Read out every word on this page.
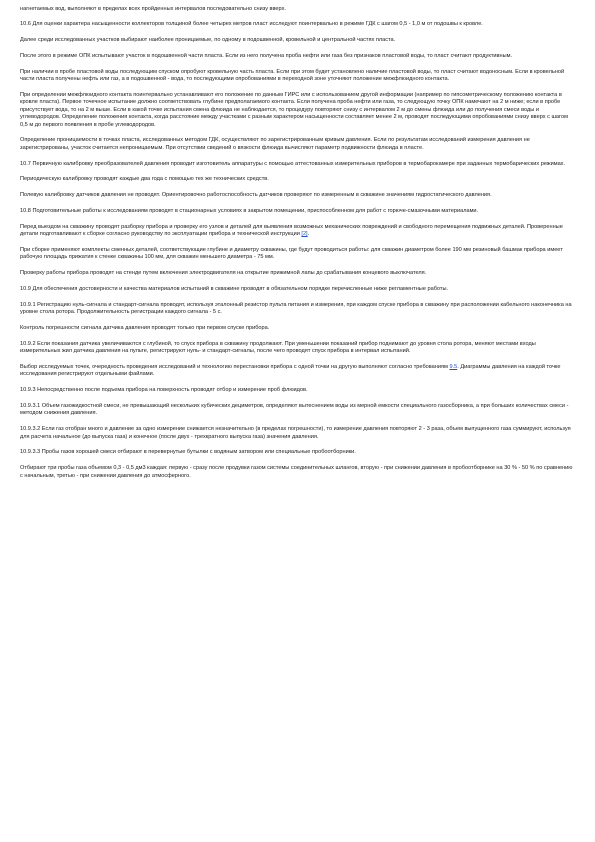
нагнетаемых вод, выполняют в пределах всех пройденных интервалов последовательно снизу вверх.

10.6 Для оценки характера насыщенности коллекторов толщиной более четырех метров пласт исследуют поинтервально в режиме ГДК с шагом 0,5 - 1,0 м от подошвы к кровле.

Далее среди исследованных участков выбирают наиболее проницаемые, по одному в подошвенной, кровельной и центральной частях пласта.

После этого в режиме ОПК испытывают участок в подошвенной части пласта. Если из него получена проба нефти или газа без признаков пластовой воды, то пласт считают продуктивным.

При наличии в пробе пластовой воды последующим спуском опробуют кровельную часть пласта. Если при этом будет установлено наличие пластовой воды, то пласт считают водоносным. Если в кровельной части пласта получены нефть или газ, а в подошвенной - вода, то последующими опробованиями в переходной зоне уточняют положение межфлюидного контакта.

При определении межфлюидного контакта поинтервально устанавливают его положение по данным ГИРС или с использованием другой информации (например по гипсометрическому положению контакта в кровле пласта). Первое точечное испытание должно соответствовать глубине предполагаемого контакта. Если получена проба нефти или газа, то следующую точку ОПК намечают на 2 м ниже; если в пробе присутствует вода, то на 2 м выше. Если в какой точке испытания смена флюида не наблюдается, то процедуру повторяют снизу с интервалом 2 м до смены флюида или до получения смеси воды и углеводородов. Определение положения контакта, когда расстояние между участками с разным характером насыщенности составляет менее 2 м, проводят последующими опробованиями снизу вверх с шагом 0,5 м до первого появления в пробе углеводородов.

Определение проницаемости в точках пласта, исследованных методом ГДК, осуществляют по зарегистрированным кривым давления. Если по результатам исследований измерения давления не зарегистрированы, участок считается непроницаемым. При отсутствии сведений о вязкости флюида вычисляют параметр подвижности флюида в пласте.

10.7 Первичную калибровку преобразователей давления проводит изготовитель аппаратуры с помощью аттестованных измерительных приборов в термобарокамере при заданных термобарических режимах.

Периодическую калибровку проводят каждые два года с помощью тех же технических средств.

Полевую калибровку датчиков давления не проводят. Ориентировочно работоспособность датчиков проверяют по измеренным в скважине значениям гидростатического давления.

10.8 Подготовительные работы к исследованиям проводят в стационарных условиях в закрытом помещении, приспособленном для работ с горюче-смазочными материалами.

Перед выездом на скважину проводят разборку прибора и проверку его узлов и деталей для выявления возможных механических повреждений и свободного перемещения подвижных деталей. Проверенные детали подготавливают к сборке согласно руководству по эксплуатации прибора и технической инструкции [2].

При сборке применяют комплекты сменных деталей, соответствующие глубине и диаметру скважины, где будут проводиться работы: для скважин диаметром более 190 мм резиновый башмак прибора имеет рабочую площадь прижатия к стенке скважины 100 мм, для скважин меньшего диаметра - 75 мм.

Проверку работы прибора проводят на стенде путем включения электродвигателя на открытие прижимной лапы до срабатывания концевого выключателя.

10.9 Для обеспечения достоверности и качества материалов испытаний в скважине проводят в обязательном порядке перечисленные ниже регламентные работы.

10.9.1 Регистрацию нуль-сигнала и стандарт-сигнала проводят, используя эталонный резистор пульта питания и измерения, при каждом спуске прибора в скважину при расположении кабельного наконечника на уровне стола ротора. Продолжительность регистрации каждого сигнала - 5 с.

Контроль погрешности сигнала датчика давления проводят только при первом спуске прибора.

10.9.2 Если показания датчика увеличиваются с глубиной, то спуск прибора в скважину продолжают. При уменьшении показаний прибор поднимают до уровня стола ротора, меняют местами входы измерительных жил датчика давления на пульте, регистрируют нуль- и стандарт-сигналы, после чего проводят спуск прибора в интервал испытаний.

Выбор исследуемых точек, очередность проведения исследований и технологию перестановки прибора с одной точки на другую выполняют согласно требованиям 9.5. Диаграммы давления на каждой точке исследования регистрируют отдельными файлами.

10.9.3 Непосредственно после подъема прибора на поверхность проводят отбор и измерение проб флюидов.

10.9.3.1 Объем газожидкостной смеси, не превышающий нескольких кубических дециметров, определяют вытеснением воды из мерной емкости специального газосборника, а при больших количествах смеси - методом снижения давления.

10.9.3.2 Если газ отобран много и давление за одно измерение снижается незначительно (в пределах погрешности), то измерение давления повторяют 2 - 3 раза, объем выпущенного газа суммируют, используя для расчета начальное (до выпуска газа) и конечное (после двух - трехкратного выпуска газа) значения давления.

10.9.3.3 Пробы газов хорошей смеси отбирают в перевернутые бутылки с водяным затвором или специальные пробоотборники.

Отбирают три пробы газа объемом 0,3 - 0,5 дм3 каждая: первую - сразу после продувки газом системы соединительных шлангов, вторую - при снижении давления в пробоотборнике на 30 % - 50 % по сравнению с начальным, третью - при снижении давления до атмосферного.
